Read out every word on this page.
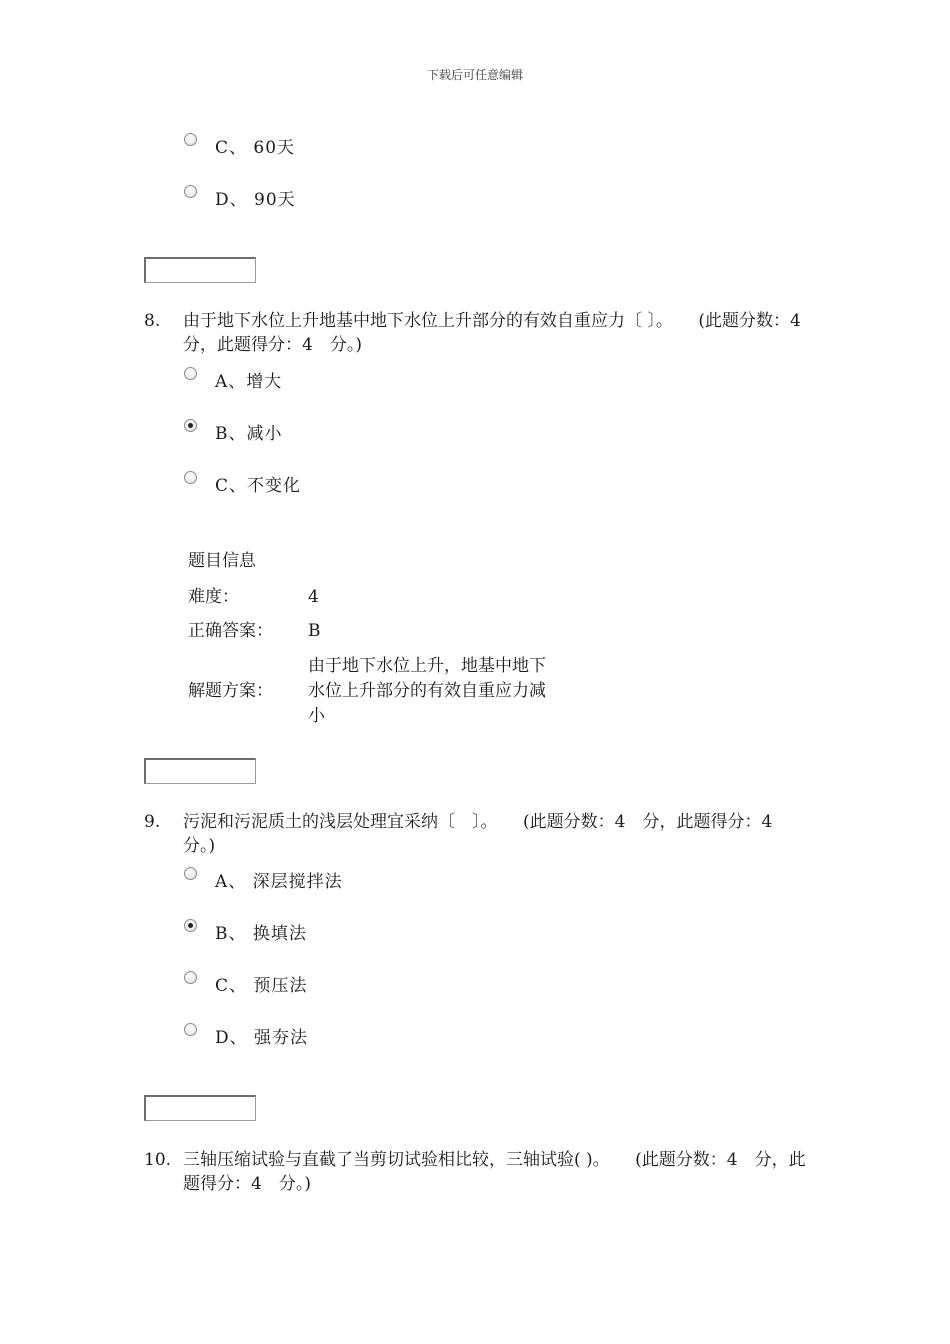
下载后可任意编辑
C、 60天
D、 90天
8. 由于地下水位上升地基中地下水位上升部分的有效自重应力〔 〕。　　(此题分数：4　分，此题得分：4　分。)
A、增大
B、减小
C、不变化
题目信息
难度：	4
正确答案： B
解题方案：
由于地下水位上升，地基中地下
水位上升部分的有效自重应力减
小
9. 污泥和污泥质土的浅层处理宜采纳〔　〕。　　(此题分数：4　分，此题得分：4　分。)
A、 深层搅拌法
B、 换填法
C、 预压法
D、 强夯法
10. 三轴压缩试验与直截了当剪切试验相比较，三轴试验( )。　　(此题分数：4　分，此题得分：4　分。)
